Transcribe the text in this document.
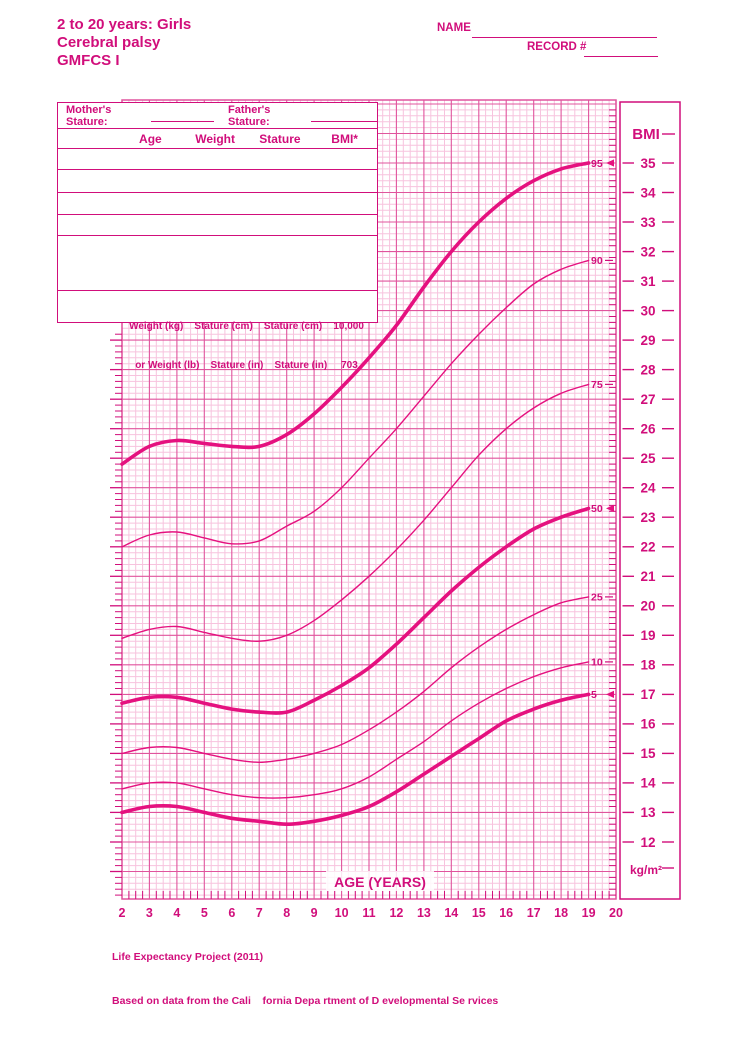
95
90
75
50
25
10
5
2 3 4 5 6 7 8 9 10 11 12 13 14 15 16 17 18 19 20
AGE (YEARS)
BMI
35
34
33
32
31
30
29
28
27
26
25
24
23
22
21
20
19
18
17
16
15
14
13
12
kg/m²
2 to 20 years: Girls
Cerebral palsy
GMFCS I
NAME
RECORD #
Mother's Stature:
Father's Stature:
Age	Weight	Stature	BMI*

Weight (kg)    Stature (cm)    Stature (cm)    10,000

or Weight (lb)    Stature (in)    Stature (in)     703

Life Expectancy Project (2011)

Based on data from the Cali    fornia Depa rtment of D evelopmental Se rvices
